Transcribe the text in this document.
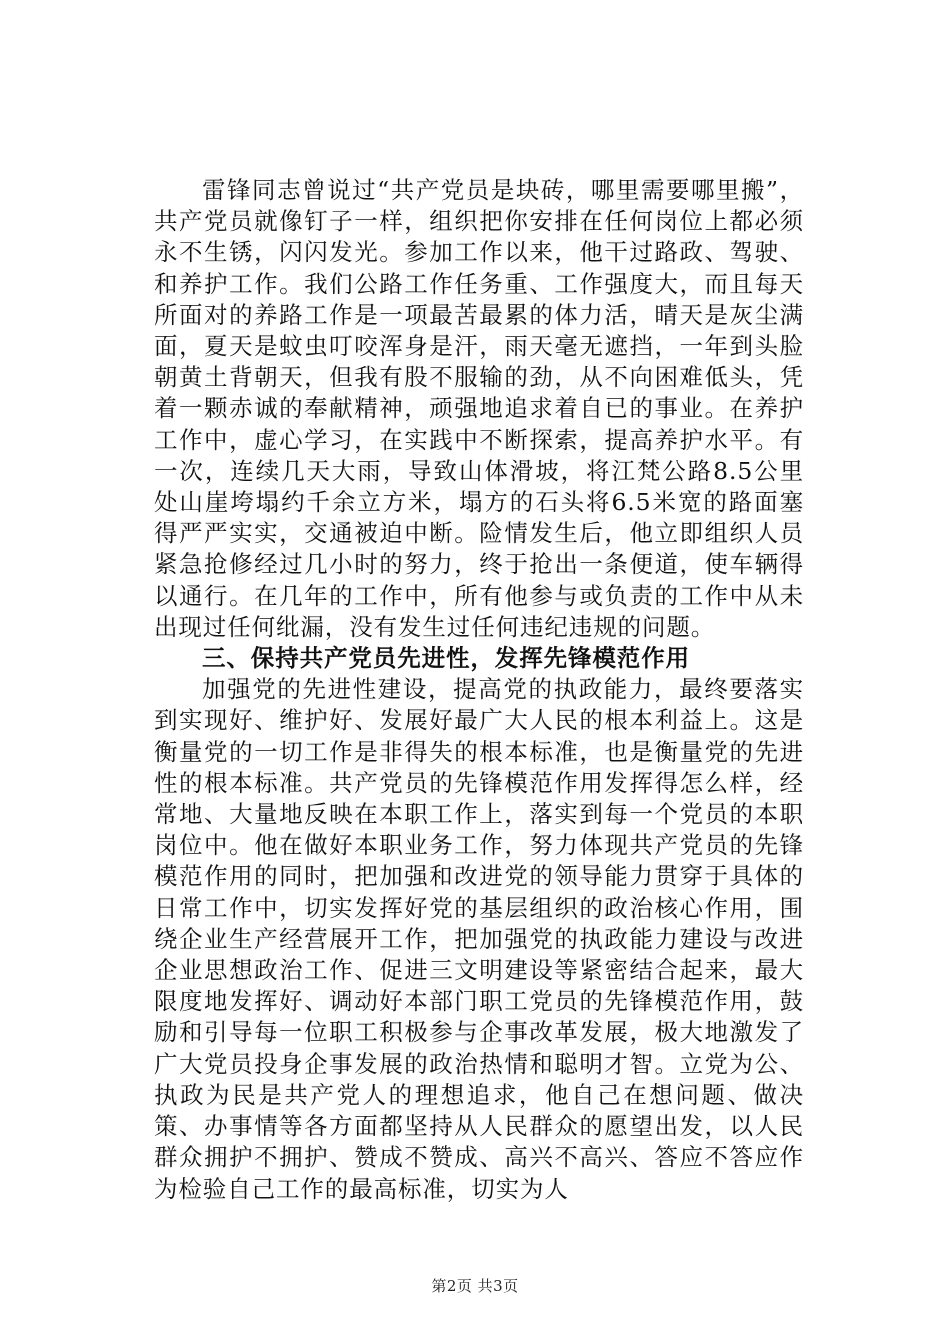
雷锋同志曾说过“共产党员是块砖，哪里需要哪里搬”，共产党员就像钉子一样，组织把你安排在任何岗位上都必须永不生锈，闪闪发光。参加工作以来，他干过路政、驾驶、和养护工作。我们公路工作任务重、工作强度大，而且每天所面对的养路工作是一项最苦最累的体力活，晴天是灰尘满面，夏天是蚊虫叮咬浑身是汗，雨天毫无遮挡，一年到头脸朝黄土背朝天，但我有股不服输的劲，从不向困难低头，凭着一颗赤诚的奉献精神，顽强地追求着自已的事业。在养护工作中，虚心学习，在实践中不断探索，提高养护水平。有一次，连续几天大雨，导致山体滑坡，将江梵公路8.5公里处山崖垮塌约千余立方米，塌方的石头将6.5米宽的路面塞得严严实实，交通被迫中断。险情发生后，他立即组织人员紧急抢修经过几小时的努力，终于抢出一条便道，使车辆得以通行。在几年的工作中，所有他参与或负责的工作中从未出现过任何纰漏，没有发生过任何违纪违规的问题。

三、保持共产党员先进性，发挥先锋模范作用

加强党的先进性建设，提高党的执政能力，最终要落实到实现好、维护好、发展好最广大人民的根本利益上。这是衡量党的一切工作是非得失的根本标准，也是衡量党的先进性的根本标准。共产党员的先锋模范作用发挥得怎么样，经常地、大量地反映在本职工作上，落实到每一个党员的本职岗位中。他在做好本职业务工作，努力体现共产党员的先锋模范作用的同时，把加强和改进党的领导能力贯穿于具体的日常工作中，切实发挥好党的基层组织的政治核心作用，围绕企业生产经营展开工作，把加强党的执政能力建设与改进企业思想政治工作、促进三文明建设等紧密结合起来，最大限度地发挥好、调动好本部门职工党员的先锋模范作用，鼓励和引导每一位职工积极参与企事改革发展，极大地激发了广大党员投身企事发展的政治热情和聪明才智。立党为公、执政为民是共产党人的理想追求，他自己在想问题、做决策、办事情等各方面都坚持从人民群众的愿望出发，以人民群众拥护不拥护、赞成不赞成、高兴不高兴、答应不答应作为检验自己工作的最高标准，切实为人

第2页 共3页
